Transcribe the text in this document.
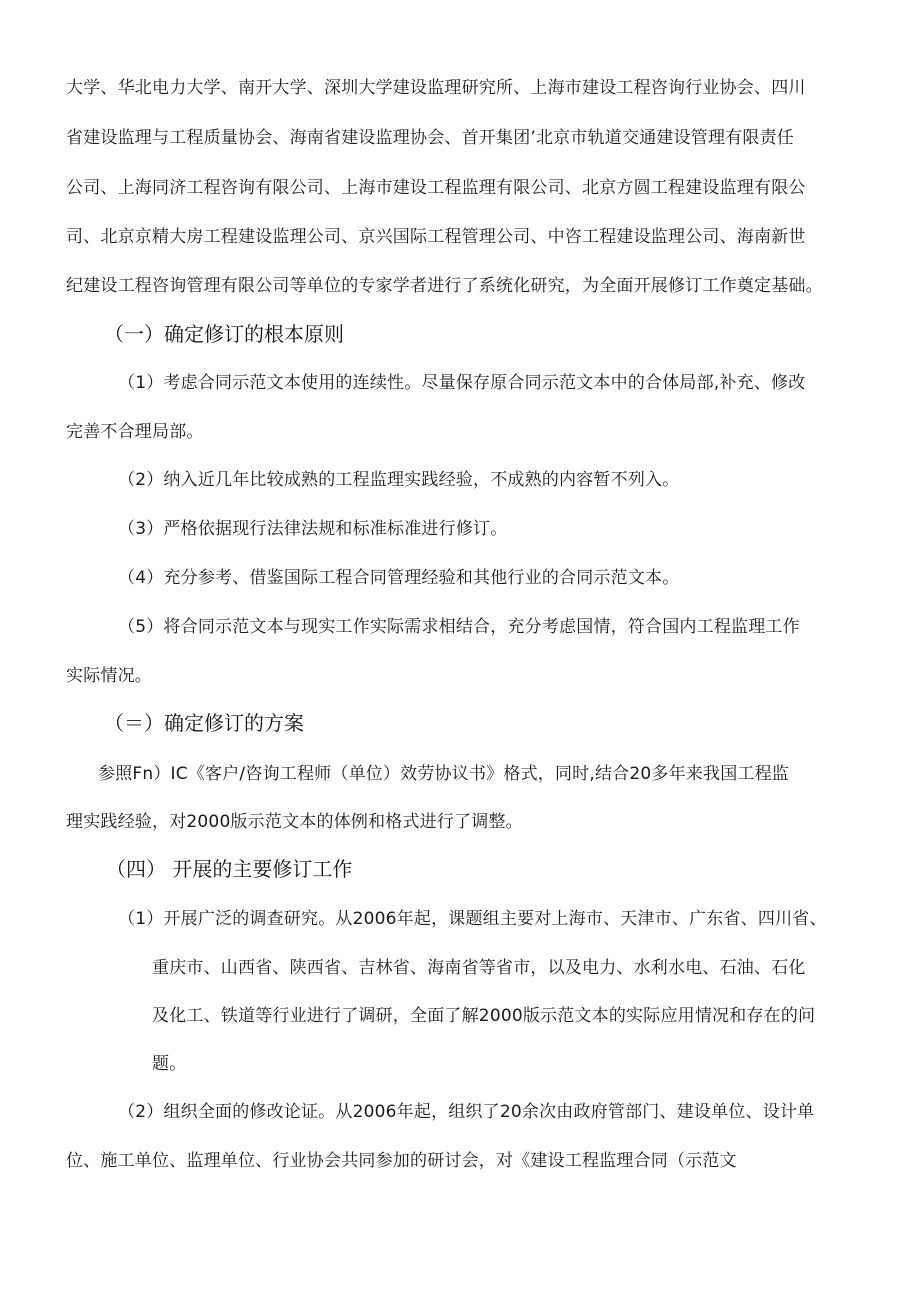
大学、华北电力大学、南开大学、深圳大学建设监理研究所、上海市建设工程咨询行业协会、四川
省建设监理与工程质量协会、海南省建设监理协会、首开集团’北京市轨道交通建设管理有限责任
公司、上海同济工程咨询有限公司、上海市建设工程监理有限公司、北京方圆工程建设监理有限公
司、北京京精大房工程建设监理公司、京兴国际工程管理公司、中咨工程建设监理公司、海南新世
纪建设工程咨询管理有限公司等单位的专家学者进行了系统化研究，为全面开展修订工作奠定基础。
（一）确定修订的根本原则
（1）考虑合同示范文本使用的连续性。尽量保存原合同示范文本中的合体局部,补充、修改
完善不合理局部。
（2）纳入近几年比较成熟的工程监理实践经验，不成熟的内容暂不列入。
（3）严格依据现行法律法规和标准标准进行修订。
（4）充分参考、借鉴国际工程合同管理经验和其他行业的合同示范文本。
（5）将合同示范文本与现实工作实际需求相结合，充分考虑国情，符合国内工程监理工作
实际情况。
（＝）确定修订的方案
参照Fn）IC《客户/咨询工程师（单位）效劳协议书》格式，同时,结合20多年来我国工程监
理实践经验，对2000版示范文本的体例和格式进行了调整。
（四） 开展的主要修订工作
（1）开展广泛的调查研究。从2006年起，课题组主要对上海市、天津市、广东省、四川省、
重庆市、山西省、陕西省、吉林省、海南省等省市，以及电力、水利水电、石油、石化
及化工、铁道等行业进行了调研，全面了解2000版示范文本的实际应用情况和存在的问
题。
（2）组织全面的修改论证。从2006年起，组织了20余次由政府管部门、建设单位、设计单
位、施工单位、监理单位、行业协会共同参加的研讨会，对《建设工程监理合同（示范文
